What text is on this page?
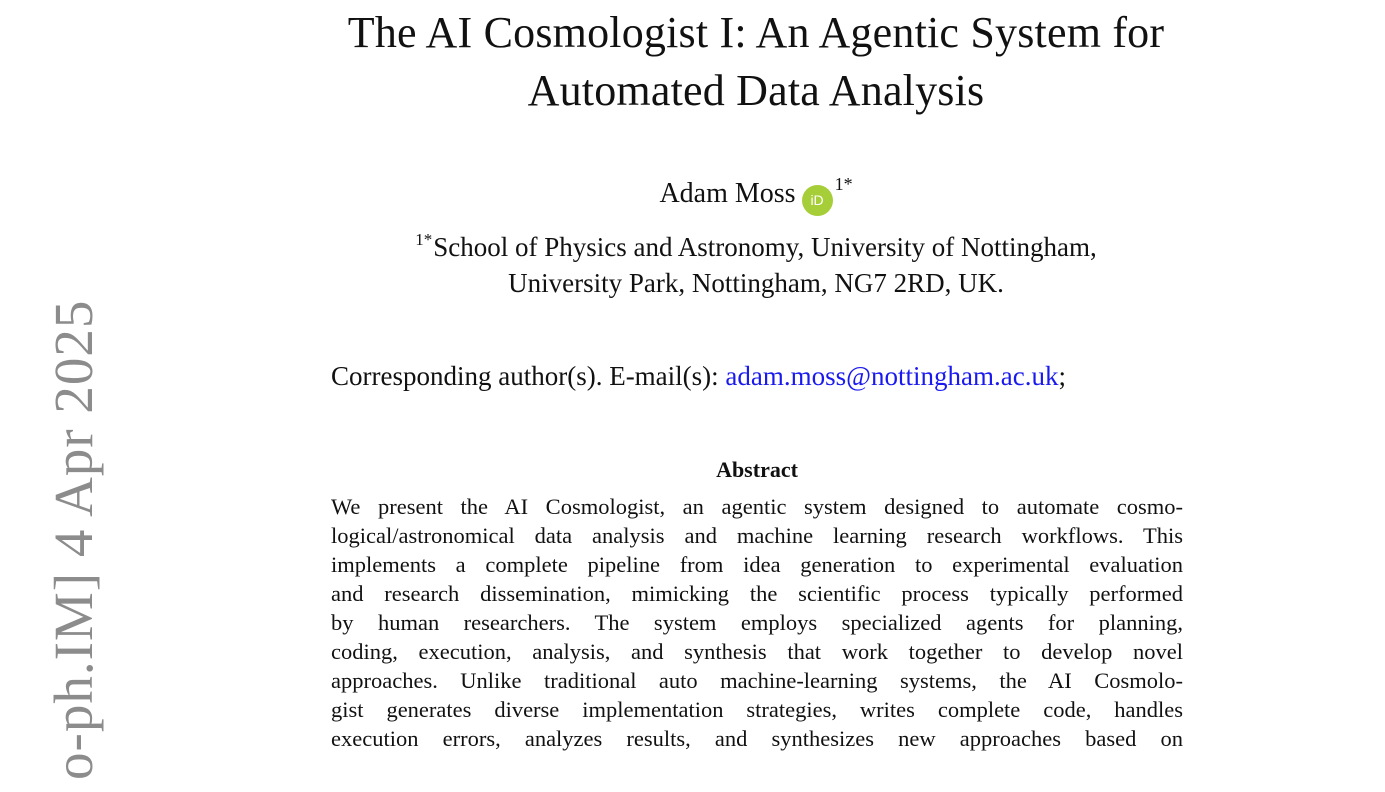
The AI Cosmologist I: An Agentic System for
Automated Data Analysis
Adam Moss $iD^{1*}$
$^{1*}$School of Physics and Astronomy, University of Nottingham,
University Park, Nottingham, NG7 2RD, UK.
Corresponding author(s). E-mail(s): adam.moss@nottingham.ac.uk;
Abstract
We present the AI Cosmologist, an agentic system designed to automate cosmo-
logical/astronomical data analysis and machine learning research workflows. This
implements a complete pipeline from idea generation to experimental evaluation
and research dissemination, mimicking the scientific process typically performed
by human researchers. The system employs specialized agents for planning,
coding, execution, analysis, and synthesis that work together to develop novel
approaches. Unlike traditional auto machine-learning systems, the AI Cosmolo-
gist generates diverse implementation strategies, writes complete code, handles
execution errors, analyzes results, and synthesizes new approaches based on
o-ph.IM] 4 Apr 2025
